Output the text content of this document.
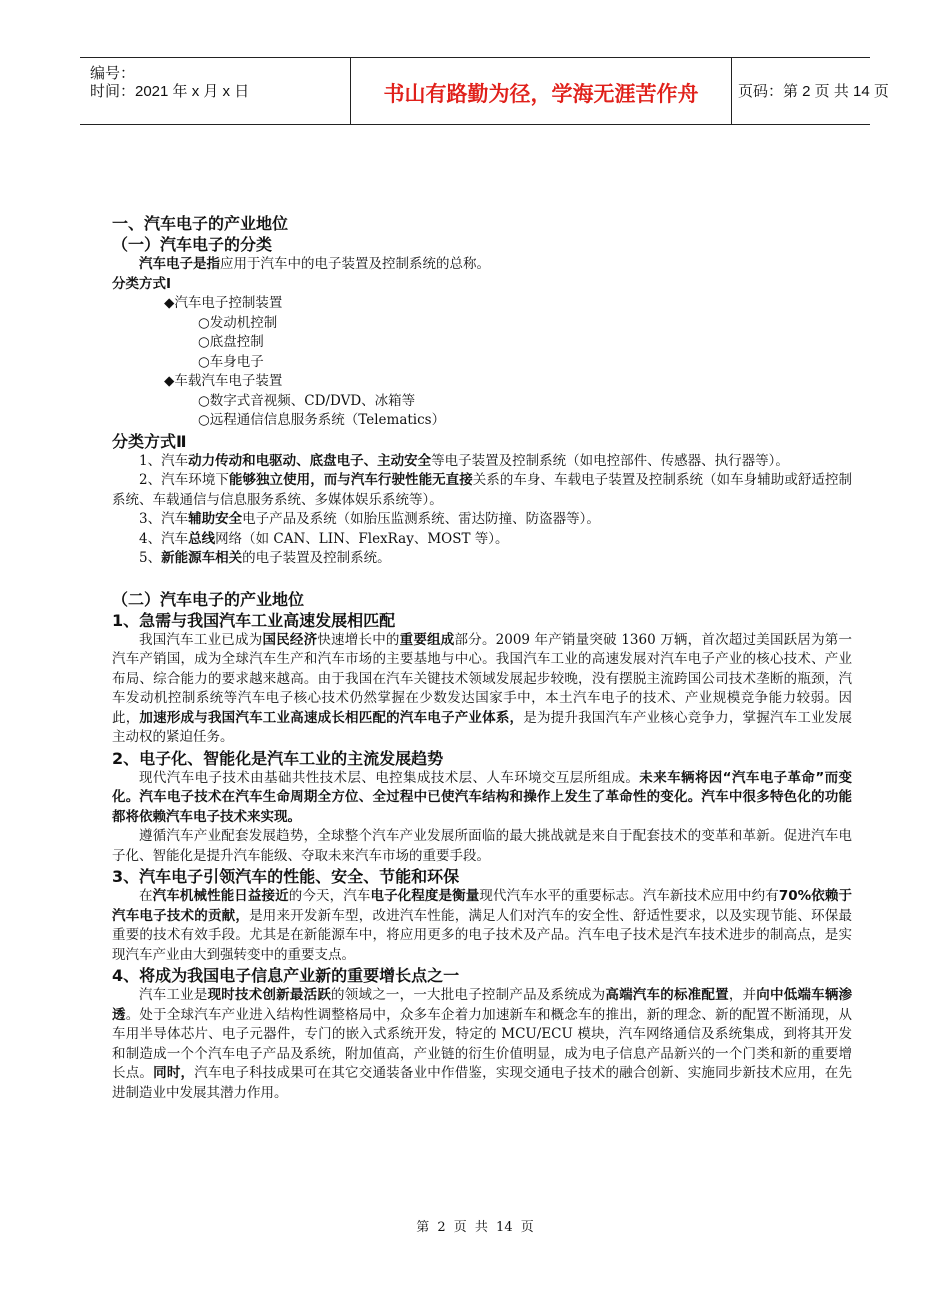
编号：
时间：2021 年 x 月 x 日	书山有路勤为径，学海无涯苦作舟	页码：第 2 页 共 14 页
一、汽车电子的产业地位
（一）汽车电子的分类
汽车电子是指应用于汽车中的电子装置及控制系统的总称。
分类方式Ⅰ
◆汽车电子控制装置
○发动机控制
○底盘控制
○车身电子
◆车载汽车电子装置
○数字式音视频、CD/DVD、冰箱等
○远程通信信息服务系统（Telematics）
分类方式Ⅱ
1、汽车动力传动和电驱动、底盘电子、主动安全等电子装置及控制系统（如电控部件、传感器、执行器等）。
2、汽车环境下能够独立使用，而与汽车行驶性能无直接关系的车身、车载电子装置及控制系统（如车身辅助或舒适控制系统、车载通信与信息服务系统、多媒体娱乐系统等）。
3、汽车辅助安全电子产品及系统（如胎压监测系统、雷达防撞、防盗器等）。
4、汽车总线网络（如 CAN、LIN、FlexRay、MOST 等）。
5、新能源车相关的电子装置及控制系统。
（二）汽车电子的产业地位
1、急需与我国汽车工业高速发展相匹配
我国汽车工业已成为国民经济快速增长中的重要组成部分。2009 年产销量突破 1360 万辆，首次超过美国跃居为第一汽车产销国，成为全球汽车生产和汽车市场的主要基地与中心。我国汽车工业的高速发展对汽车电子产业的核心技术、产业布局、综合能力的要求越来越高。由于我国在汽车关键技术领域发展起步较晚，没有摆脱主流跨国公司技术垄断的瓶颈，汽车发动机控制系统等汽车电子核心技术仍然掌握在少数发达国家手中，本土汽车电子的技术、产业规模竞争能力较弱。因此，加速形成与我国汽车工业高速成长相匹配的汽车电子产业体系，是为提升我国汽车产业核心竞争力，掌握汽车工业发展主动权的紧迫任务。
2、电子化、智能化是汽车工业的主流发展趋势
现代汽车电子技术由基础共性技术层、电控集成技术层、人车环境交互层所组成。未来车辆将因“汽车电子革命”而变化。汽车电子技术在汽车生命周期全方位、全过程中已使汽车结构和操作上发生了革命性的变化。汽车中很多特色化的功能都将依赖汽车电子技术来实现。
遵循汽车产业配套发展趋势，全球整个汽车产业发展所面临的最大挑战就是来自于配套技术的变革和革新。促进汽车电子化、智能化是提升汽车能级、夺取未来汽车市场的重要手段。
3、汽车电子引领汽车的性能、安全、节能和环保
在汽车机械性能日益接近的今天，汽车电子化程度是衡量现代汽车水平的重要标志。汽车新技术应用中约有70%依赖于汽车电子技术的贡献，是用来开发新车型，改进汽车性能，满足人们对汽车的安全性、舒适性要求，以及实现节能、环保最重要的技术有效手段。尤其是在新能源车中，将应用更多的电子技术及产品。汽车电子技术是汽车技术进步的制高点，是实现汽车产业由大到强转变中的重要支点。
4、将成为我国电子信息产业新的重要增长点之一
汽车工业是现时技术创新最活跃的领域之一，一大批电子控制产品及系统成为高端汽车的标准配置，并向中低端车辆渗透。处于全球汽车产业进入结构性调整格局中，众多车企着力加速新车和概念车的推出，新的理念、新的配置不断涌现，从车用半导体芯片、电子元器件，专门的嵌入式系统开发，特定的 MCU/ECU 模块，汽车网络通信及系统集成，到将其开发和制造成一个个汽车电子产品及系统，附加值高，产业链的衍生价值明显，成为电子信息产品新兴的一个门类和新的重要增长点。同时，汽车电子科技成果可在其它交通装备业中作借鉴，实现交通电子技术的融合创新、实施同步新技术应用，在先进制造业中发展其潜力作用。
第 2 页 共 14 页
